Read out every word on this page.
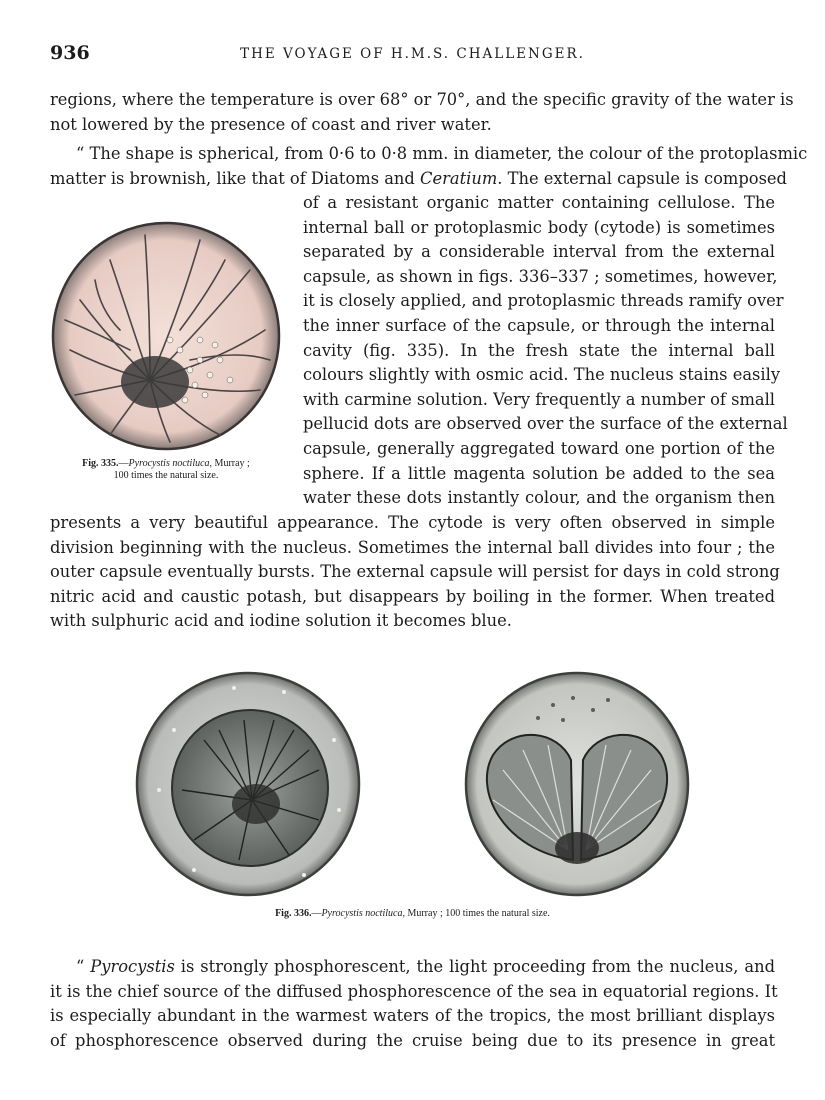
936	THE VOYAGE OF H.M.S. CHALLENGER.
regions, where the temperature is over 68° or 70°, and the specific gravity of the water is
not lowered by the presence of coast and river water.
“ The shape is spherical, from 0·6 to 0·8 mm. in diameter, the colour of the protoplasmic
matter is brownish, like that of Diatoms and Ceratium. The external capsule is composed
Fig. 335.—Pyrocystis noctiluca, Murray ;
100 times the natural size.
of a resistant organic matter containing cellulose. The
internal ball or protoplasmic body (cytode) is sometimes
separated by a considerable interval from the external
capsule, as shown in figs. 336–337 ; sometimes, however,
it is closely applied, and protoplasmic threads ramify over
the inner surface of the capsule, or through the internal
cavity (fig. 335). In the fresh state the internal ball
colours slightly with osmic acid. The nucleus stains easily
with carmine solution. Very frequently a number of small
pellucid dots are observed over the surface of the external
capsule, generally aggregated toward one portion of the
sphere. If a little magenta solution be added to the sea
water these dots instantly colour, and the organism then
presents a very beautiful appearance. The cytode is very often observed in simple
division beginning with the nucleus. Sometimes the internal ball divides into four ; the
outer capsule eventually bursts. The external capsule will persist for days in cold strong
nitric acid and caustic potash, but disappears by boiling in the former. When treated
with sulphuric acid and iodine solution it becomes blue.
Fig. 336.—Pyrocystis noctiluca, Murray ; 100 times the natural size.
“ Pyrocystis is strongly phosphorescent, the light proceeding from the nucleus, and
it is the chief source of the diffused phosphorescence of the sea in equatorial regions. It
is especially abundant in the warmest waters of the tropics, the most brilliant displays
of phosphorescence observed during the cruise being due to its presence in great
